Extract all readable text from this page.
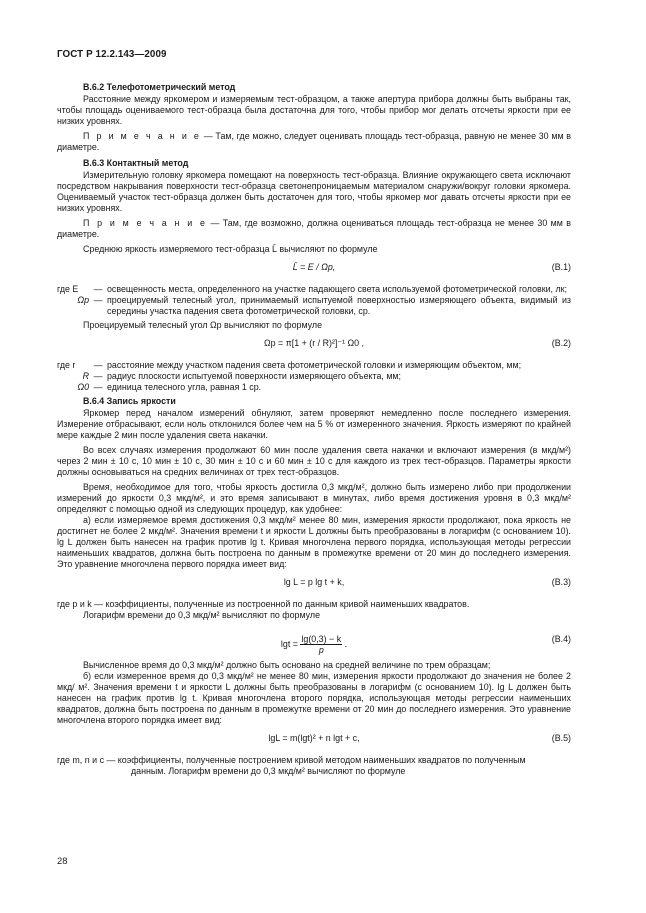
ГОСТ Р 12.2.143—2009
B.6.2 Телефотометрический метод

Расстояние между яркомером и измеряемым тест-образцом, а также апертура прибора должны быть выбраны так, чтобы площадь оцениваемого тест-образца была достаточна для того, чтобы прибор мог делать отсчеты яркости при ее низких уровнях.

П р и м е ч а н и е — Там, где можно, следует оценивать площадь тест-образца, равную не менее 30 мм в диаметре.

B.6.3 Контактный метод

Измерительную головку яркомера помещают на поверхность тест-образца. Влияние окружающего света исключают посредством накрывания поверхности тест-образца светонепроницаемым материалом снаружи/вокруг головки яркомера. Оцениваемый участок тест-образца должен быть достаточен для того, чтобы яркомер мог давать отсчеты яркости при ее низких уровнях.

П р и м е ч а н и е — Там, где возможно, должна оцениваться площадь тест-образца не менее 30 мм в диаметре.

Среднюю яркость измеряемого тест-образца L̄ вычисляют по формуле

L̄ = E / Ωp,	(B.1)
где E	— освещенность места, определенного на участке падающего света используемой фотометрической головки, лк;
Ωp — проецируемый телесный угол, принимаемый испытуемой поверхностью измеряющего объекта, видимый из середины участка падения света фотометрической головки, ср.

Проецируемый телесный угол Ωp вычисляют по формуле

Ωp = π[1 + (r / R)²]⁻¹ Ω0 ,	(B.2)
где r	— расстояние между участком падения света фотометрической головки и измеряющим объектом, мм;
R — радиус плоскости испытуемой поверхности измеряющего объекта, мм;
Ω0 — единица телесного угла, равная 1 ср.
B.6.4 Запись яркости

Яркомер перед началом измерений обнуляют, затем проверяют немедленно после последнего измерения. Измерение отбрасывают, если ноль отклонился более чем на 5 % от измеренного значения. Яркость измеряют по крайней мере каждые 2 мин после удаления света накачки.

Во всех случаях измерения продолжают 60 мин после удаления света накачки и включают измерения (в мкд/м²) через 2 мин ± 10 с, 10 мин ± 10 с, 30 мин ± 10 с и 60 мин ± 10 с для каждого из трех тест-образцов. Параметры яркости должны основываться на средних величинах от трех тест-образцов.

Время, необходимое для того, чтобы яркость достигла 0,3 мкд/м², должно быть измерено либо при продолжении измерений до яркости 0,3 мкд/м², и это время записывают в минутах, либо время достижения уровня в 0,3 мкд/м² определяют с помощью одной из следующих процедур, как удобнее:

а) если измеряемое время достижения 0,3 мкд/м² менее 80 мин, измерения яркости продолжают, пока яркость не достигнет не более 2 мкд/м². Значения времени t и яркости L должны быть преобразованы в логарифм (с основанием 10). lg L должен быть нанесен на график против lg t. Кривая многочлена первого порядка, использующая методы регрессии наименьших квадратов, должна быть построена по данным в промежутке времени от 20 мин до последнего измерения. Это уравнение многочлена первого порядка имеет вид:

lg L = p lg t + k,	(B.3)

где p и k — коэффициенты, полученные из построенной по данным кривой наименьших квадратов.

Логарифм времени до 0,3 мкд/м² вычисляют по формуле

$\lg t = \frac{\lg(0,3) - k}{p}$ .	(B.4)

Вычисленное время до 0,3 мкд/м² должно быть основано на средней величине по трем образцам;

б) если измеренное время до 0,3 мкд/м² не менее 80 мин, измерения яркости продолжают до значения не более 2 мкд/ м². Значения времени t и яркости L должны быть преобразованы в логарифм (с основанием 10). lg L должен быть нанесен на график против lg t. Кривая многочлена второго порядка, использующая методы регрессии наименьших квадратов, должна быть построена по данным в промежутке времени от 20 мин до последнего измерения. Это уравнение многочлена второго порядка имеет вид:

lgL = m(lgt)² + n lgt + c,	(B.5)

где m, n и c — коэффициенты, полученные построением кривой методом наименьших квадратов по полученным

данным. Логарифм времени до 0,3 мкд/м² вычисляют по формуле

28
